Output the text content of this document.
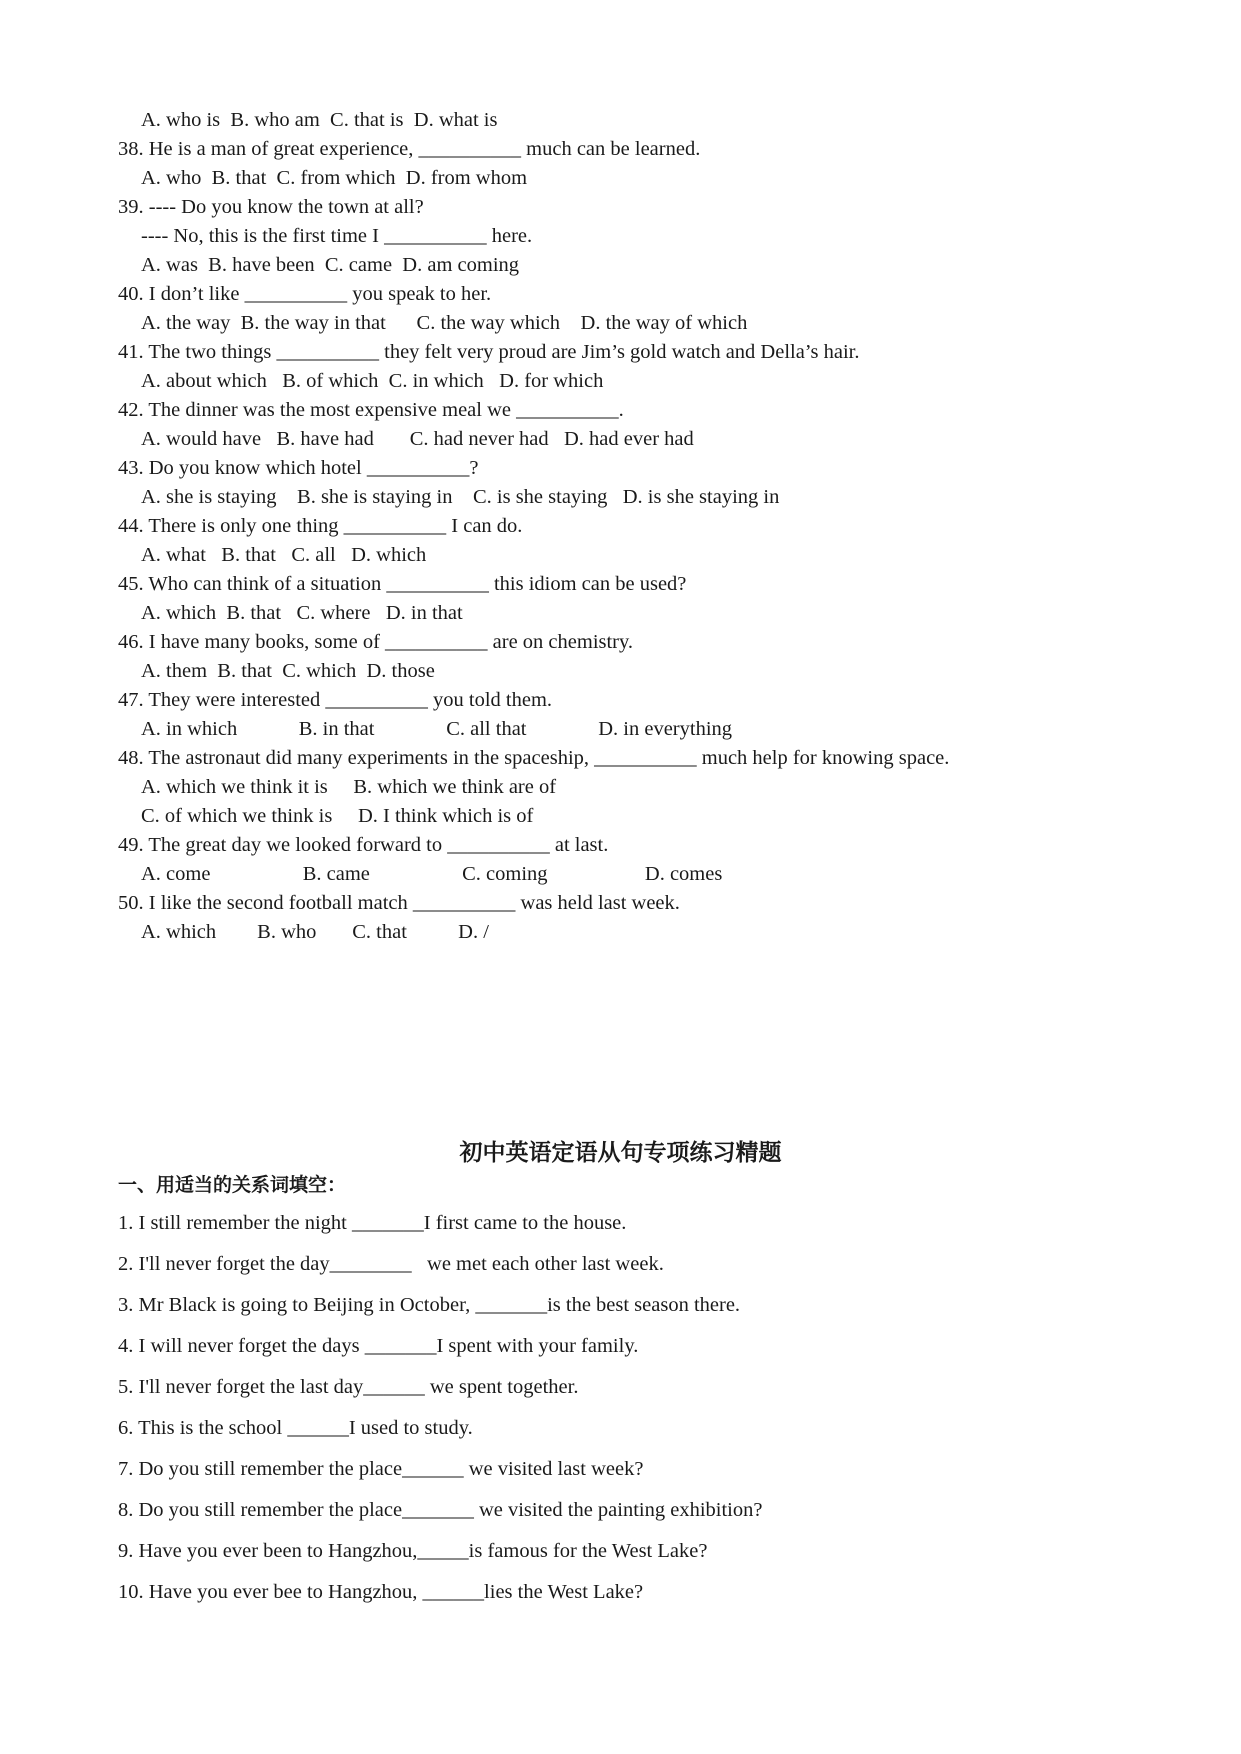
A. who is  B. who am  C. that is  D. what is
38. He is a man of great experience, __________ much can be learned.
A. who  B. that  C. from which  D. from whom
39. ---- Do you know the town at all?
---- No, this is the first time I __________ here.
A. was  B. have been  C. came  D. am coming
40. I don’t like __________ you speak to her.
A. the way  B. the way in that      C. the way which    D. the way of which
41. The two things __________ they felt very proud are Jim’s gold watch and Della’s hair.
A. about which   B. of which  C. in which   D. for which
42. The dinner was the most expensive meal we __________.
A. would have   B. have had       C. had never had   D. had ever had
43. Do you know which hotel __________?
A. she is staying    B. she is staying in    C. is she staying   D. is she staying in
44. There is only one thing __________ I can do.
A. what   B. that   C. all   D. which
45. Who can think of a situation __________ this idiom can be used?
A. which  B. that   C. where   D. in that
46. I have many books, some of __________ are on chemistry.
A. them  B. that  C. which  D. those
47. They were interested __________ you told them.
A. in which            B. in that              C. all that              D. in everything
48. The astronaut did many experiments in the spaceship, __________ much help for knowing space.
A. which we think it is     B. which we think are of
C. of which we think is     D. I think which is of
49. The great day we looked forward to __________ at last.
A. come                  B. came                  C. coming                   D. comes
50. I like the second football match __________ was held last week.
A. which        B. who       C. that          D. /
初中英语定语从句专项练习精题
一、用适当的关系词填空：
1. I still remember the night _______I first came to the house.
2. I'll never forget the day________   we met each other last week.
3. Mr Black is going to Beijing in October, _______is the best season there.
4. I will never forget the days _______I spent with your family.
5. I'll never forget the last day______ we spent together.
6. This is the school ______I used to study.
7. Do you still remember the place______ we visited last week?
8. Do you still remember the place_______ we visited the painting exhibition?
9. Have you ever been to Hangzhou,_____is famous for the West Lake?
10. Have you ever bee to Hangzhou, ______lies the West Lake?
